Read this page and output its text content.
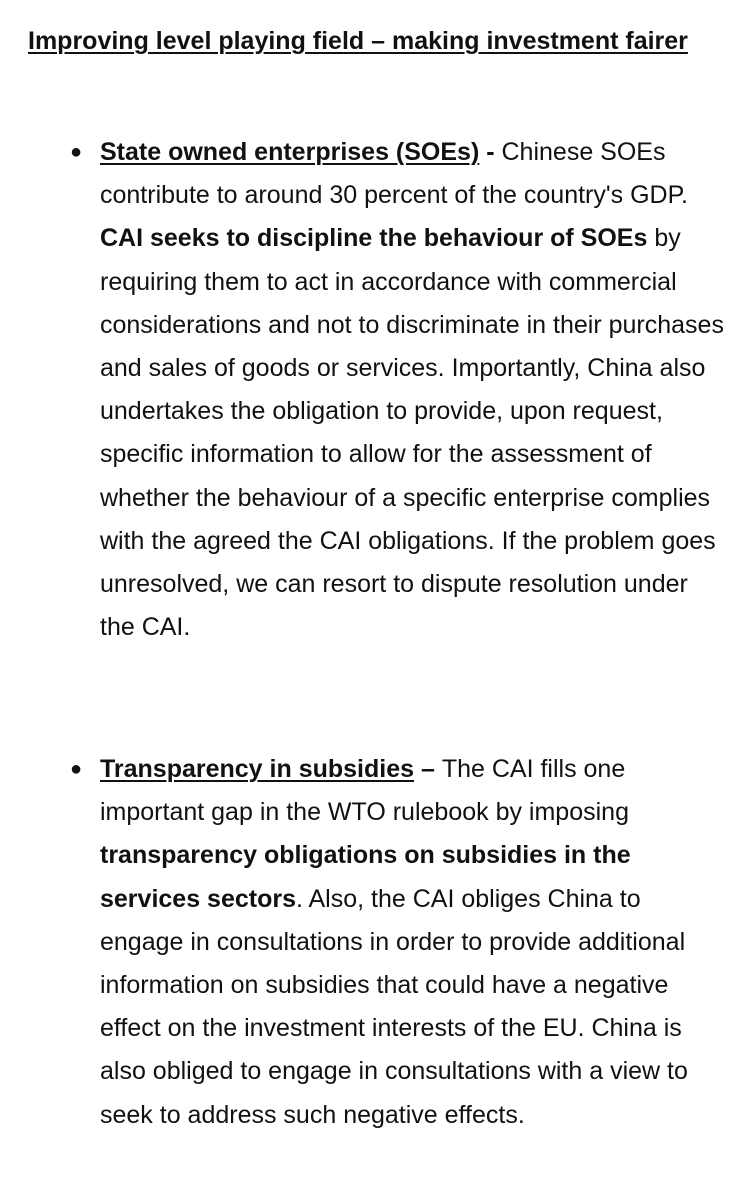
Improving level playing field – making investment fairer
● State owned enterprises (SOEs) - Chinese SOEs contribute to around 30 percent of the country's GDP. CAI seeks to discipline the behaviour of SOEs by requiring them to act in accordance with commercial considerations and not to discriminate in their purchases and sales of goods or services. Importantly, China also undertakes the obligation to provide, upon request, specific information to allow for the assessment of whether the behaviour of a specific enterprise complies with the agreed the CAI obligations. If the problem goes unresolved, we can resort to dispute resolution under the CAI.
● Transparency in subsidies – The CAI fills one important gap in the WTO rulebook by imposing transparency obligations on subsidies in the services sectors. Also, the CAI obliges China to engage in consultations in order to provide additional information on subsidies that could have a negative effect on the investment interests of the EU. China is also obliged to engage in consultations with a view to seek to address such negative effects.
